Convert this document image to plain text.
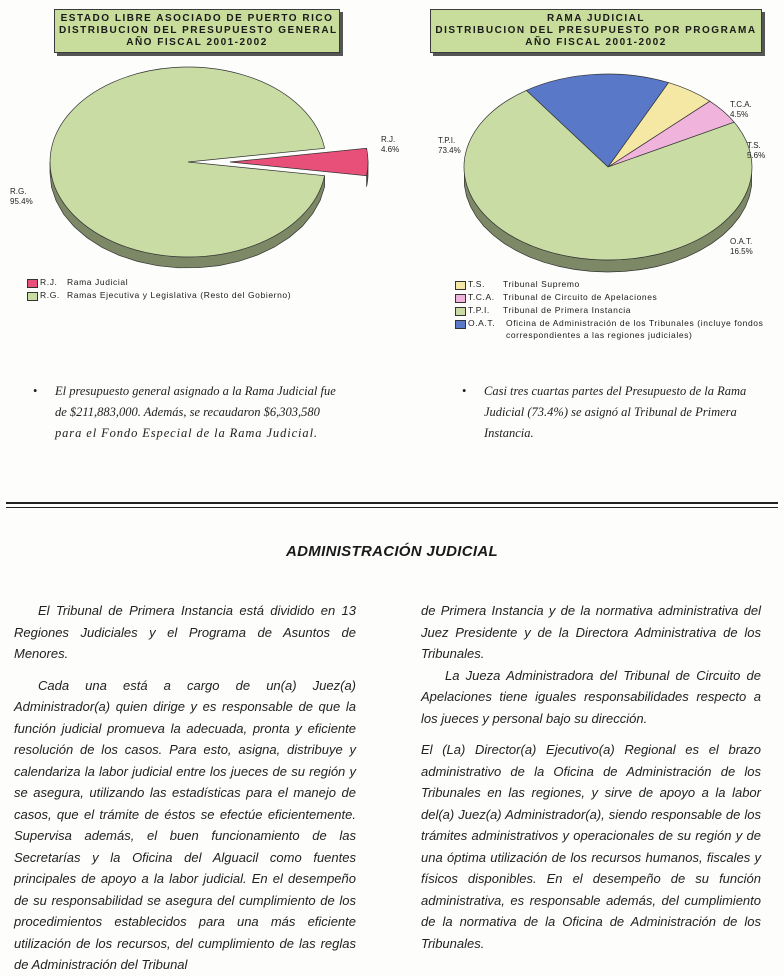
ESTADO LIBRE ASOCIADO DE PUERTO RICO
DISTRIBUCION DEL PRESUPUESTO GENERAL
AÑO FISCAL 2001-2002
R.J.
4.6%
R.G.
95.4%
R.J. Rama Judicial
R.G. Ramas Ejecutiva y Legislativa (Resto del Gobierno)
RAMA JUDICIAL
DISTRIBUCION DEL PRESUPUESTO POR PROGRAMA
AÑO FISCAL 2001-2002
T.C.A.
4.5%
T.S.
5.6%
O.A.T.
16.5%
T.P.I.
73.4%
T.S. Tribunal Supremo
T.C.A. Tribunal de Circuito de Apelaciones
T.P.I. Tribunal de Primera Instancia
O.A.T. Oficina de Administración de los Tribunales (incluye fondos
correspondientes a las regiones judiciales)
• El presupuesto general asignado a la Rama Judicial fue
de $211,883,000. Además, se recaudaron $6,303,580
para el Fondo Especial de la Rama Judicial.
• Casi tres cuartas partes del Presupuesto de la Rama
Judicial (73.4%) se asignó al Tribunal de Primera
Instancia.
ADMINISTRACIÓN JUDICIAL

El Tribunal de Primera Instancia está dividido en 13 Regiones Judiciales y el Programa de Asuntos de Menores.

Cada una está a cargo de un(a) Juez(a) Administrador(a) quien dirige y es responsable de que la función judicial promueva la adecuada, pronta y eficiente resolución de los casos. Para esto, asigna, distribuye y calendariza la labor judicial entre los jueces de su región y se asegura, utilizando las estadísticas para el manejo de casos, que el trámite de éstos se efectúe eficientemente. Supervisa además, el buen funcionamiento de las Secretarías y la Oficina del Alguacil como fuentes principales de apoyo a la labor judicial. En el desempeño de su responsabilidad se asegura del cumplimiento de los procedimientos establecidos para una más eficiente utilización de los recursos, del cumplimiento de las reglas de Administración del Tribunal

de Primera Instancia y de la normativa administrativa del Juez Presidente y de la Directora Administrativa de los Tribunales.

La Jueza Administradora del Tribunal de Circuito de Apelaciones tiene iguales responsabilidades respecto a los jueces y personal bajo su dirección.

El (La) Director(a) Ejecutivo(a) Regional es el brazo administrativo de la Oficina de Administración de los Tribunales en las regiones, y sirve de apoyo a la labor del(a) Juez(a) Administrador(a), siendo responsable de los trámites administrativos y operacionales de su región y de una óptima utilización de los recursos humanos, fiscales y físicos disponibles. En el desempeño de su función administrativa, es responsable además, del cumplimiento de la normativa de la Oficina de Administración de los Tribunales.
